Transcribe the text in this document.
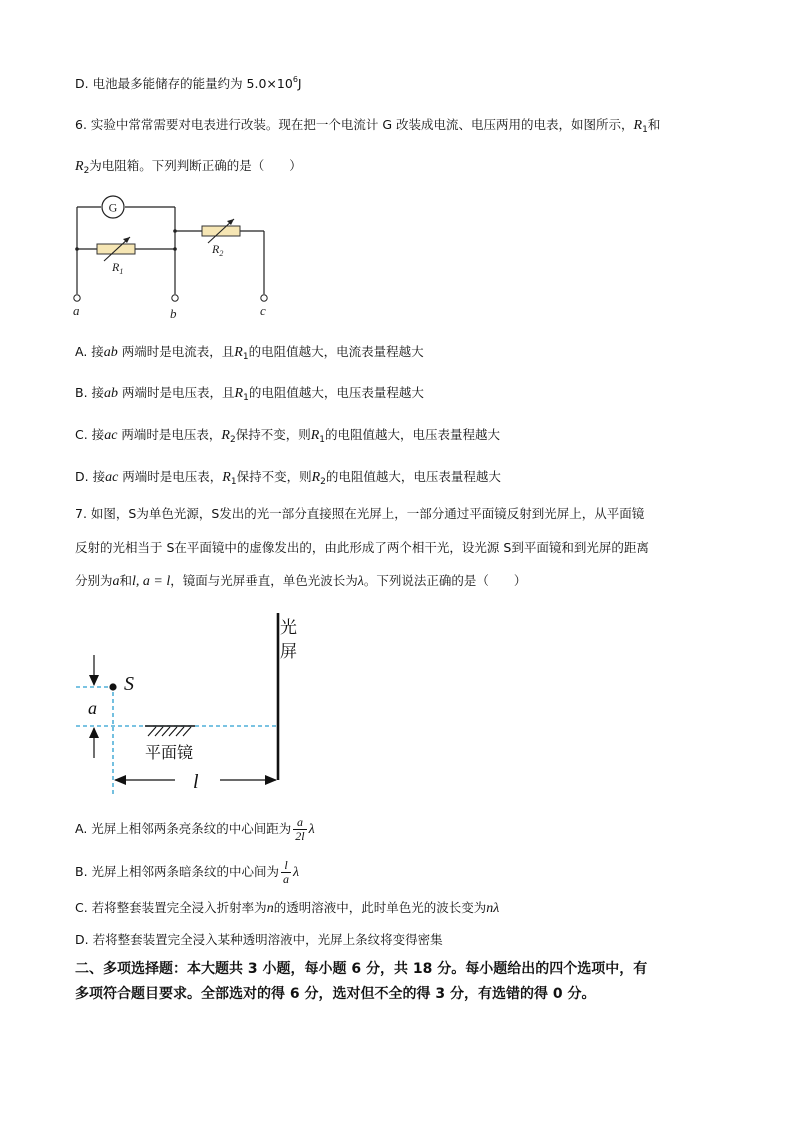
D. 电池最多能储存的能量约为 $5.0\times 10^6J$
6. 实验中常常需要对电表进行改装。现在把一个电流计 G 改装成电流、电压两用的电表，如图所示，$R_1$和
$R_2$为电阻箱。下列判断正确的是（　　）
G
$R_1$
$R_2$
a	b	c
A. 接ab 两端时是电流表，且$R_1$的电阻值越大，电流表量程越大
B. 接ab 两端时是电压表，且$R_1$的电阻值越大，电压表量程越大
C. 接ac 两端时是电压表，$R_2$保持不变，则$R_1$的电阻值越大，电压表量程越大
D. 接ac 两端时是电压表，$R_1$保持不变，则$R_2$的电阻值越大，电压表量程越大
7. 如图，S为单色光源，S发出的光一部分直接照在光屏上，一部分通过平面镜反射到光屏上，从平面镜
反射的光相当于 S在平面镜中的虚像发出的，由此形成了两个相干光，设光源 S到平面镜和到光屏的距离
分别为a和l, a = l，镜面与光屏垂直，单色光波长为λ。下列说法正确的是（　　）
光
屏
S
a
平面镜
l
A. 光屏上相邻两条亮条纹的中心间距为 $\frac{a}{2l}$ λ
B. 光屏上相邻两条暗条纹的中心间为 $\frac{l}{a}$ λ
C. 若将整套装置完全浸入折射率为n的透明溶液中，此时单色光的波长变为nλ
D. 若将整套装置完全浸入某种透明溶液中，光屏上条纹将变得密集
二、多项选择题：本大题共 3 小题，每小题 6 分，共 18 分。每小题给出的四个选项中，有
多项符合题目要求。全部选对的得 6 分，选对但不全的得 3 分，有选错的得 0 分。
